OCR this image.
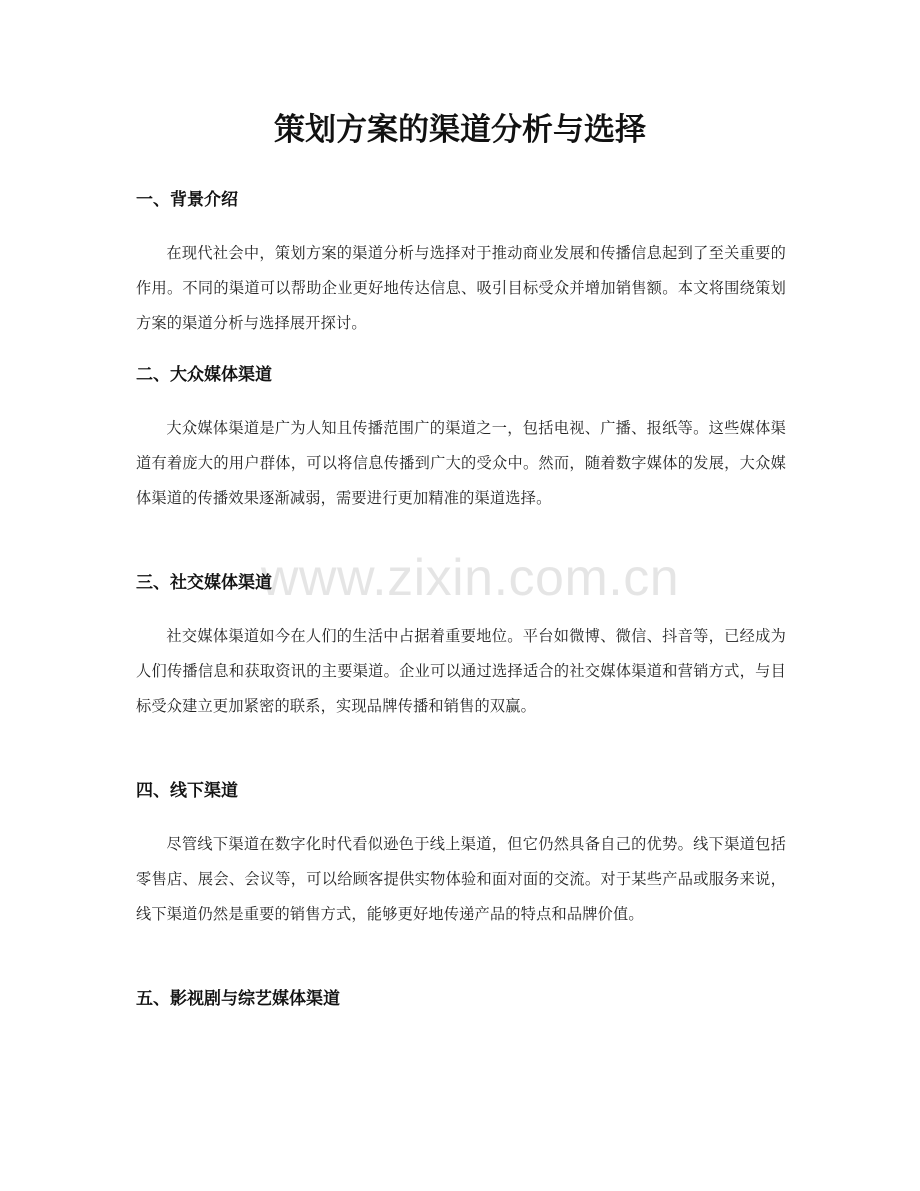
策划方案的渠道分析与选择
一、背景介绍

在现代社会中，策划方案的渠道分析与选择对于推动商业发展和传播信息起到了至关重要的作用。不同的渠道可以帮助企业更好地传达信息、吸引目标受众并增加销售额。本文将围绕策划方案的渠道分析与选择展开探讨。

二、大众媒体渠道

大众媒体渠道是广为人知且传播范围广的渠道之一，包括电视、广播、报纸等。这些媒体渠道有着庞大的用户群体，可以将信息传播到广大的受众中。然而，随着数字媒体的发展，大众媒体渠道的传播效果逐渐减弱，需要进行更加精准的渠道选择。

三、社交媒体渠道

社交媒体渠道如今在人们的生活中占据着重要地位。平台如微博、微信、抖音等，已经成为人们传播信息和获取资讯的主要渠道。企业可以通过选择适合的社交媒体渠道和营销方式，与目标受众建立更加紧密的联系，实现品牌传播和销售的双赢。

四、线下渠道

尽管线下渠道在数字化时代看似逊色于线上渠道，但它仍然具备自己的优势。线下渠道包括零售店、展会、会议等，可以给顾客提供实物体验和面对面的交流。对于某些产品或服务来说，线下渠道仍然是重要的销售方式，能够更好地传递产品的特点和品牌价值。

五、影视剧与综艺媒体渠道
www.zixin.com.cn
